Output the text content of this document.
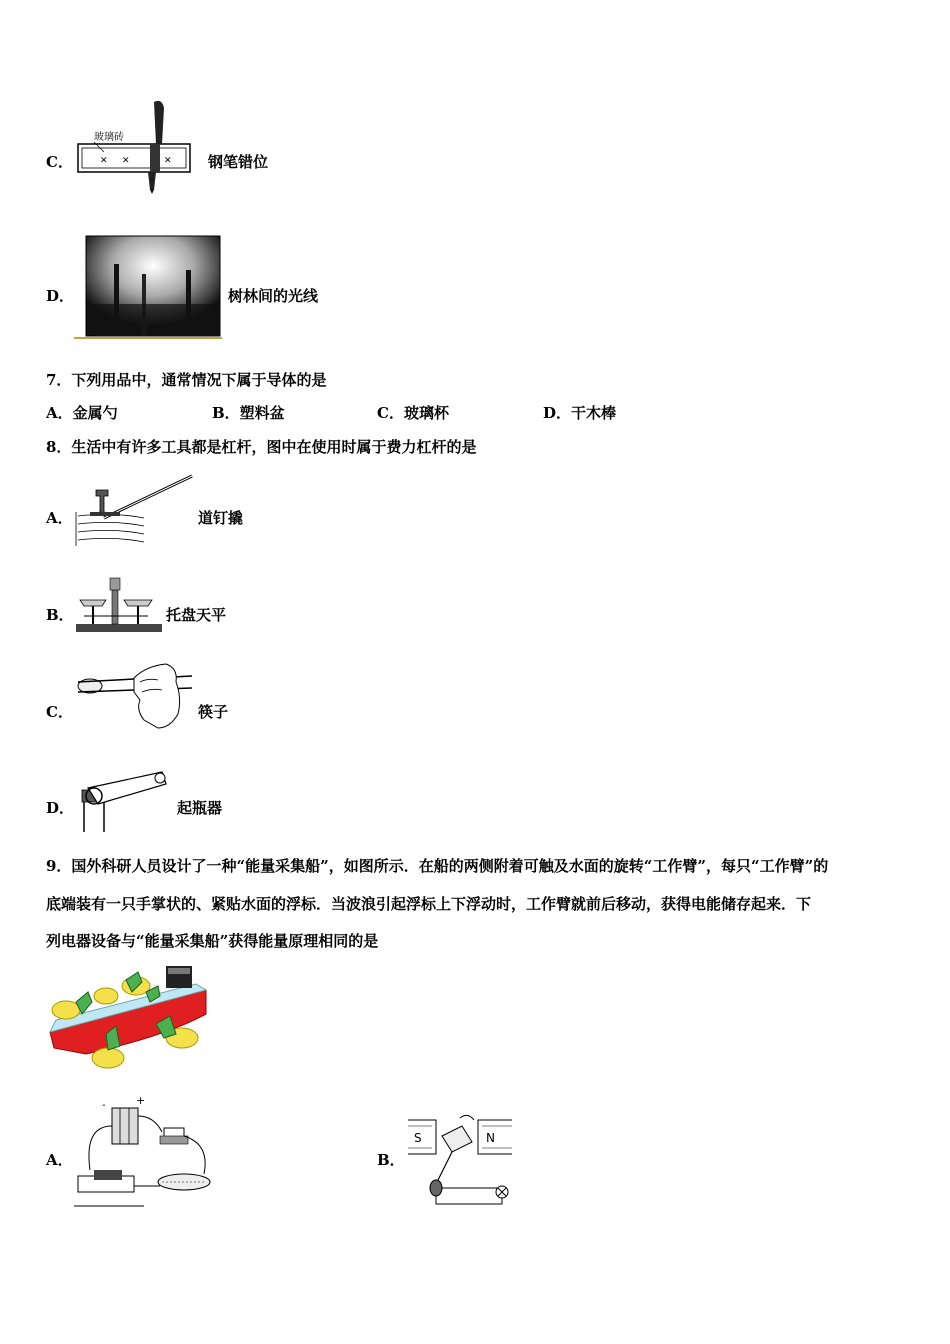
C．
玻璃砖
✕ ✕	✕ 钢笔错位
D．	树林间的光线
7．下列用品中，通常情况下属于导体的是
A．金属勺	B．塑料盆	C．玻璃杯	D．干木棒
8．生活中有许多工具都是杠杆，图中在使用时属于费力杠杆的是
A．	道钉撬
B．	托盘天平
C．	筷子
D．	起瓶器
9．国外科研人员设计了一种“能量采集船”，如图所示．在船的两侧附着可触及水面的旋转“工作臂”，每只“工作臂”的
底端装有一只手掌状的、紧贴水面的浮标．当波浪引起浮标上下浮动时，工作臂就前后移动，获得电能储存起来．下
列电器设备与“能量采集船”获得能量原理相同的是
A．
-	+
B．
S	N
